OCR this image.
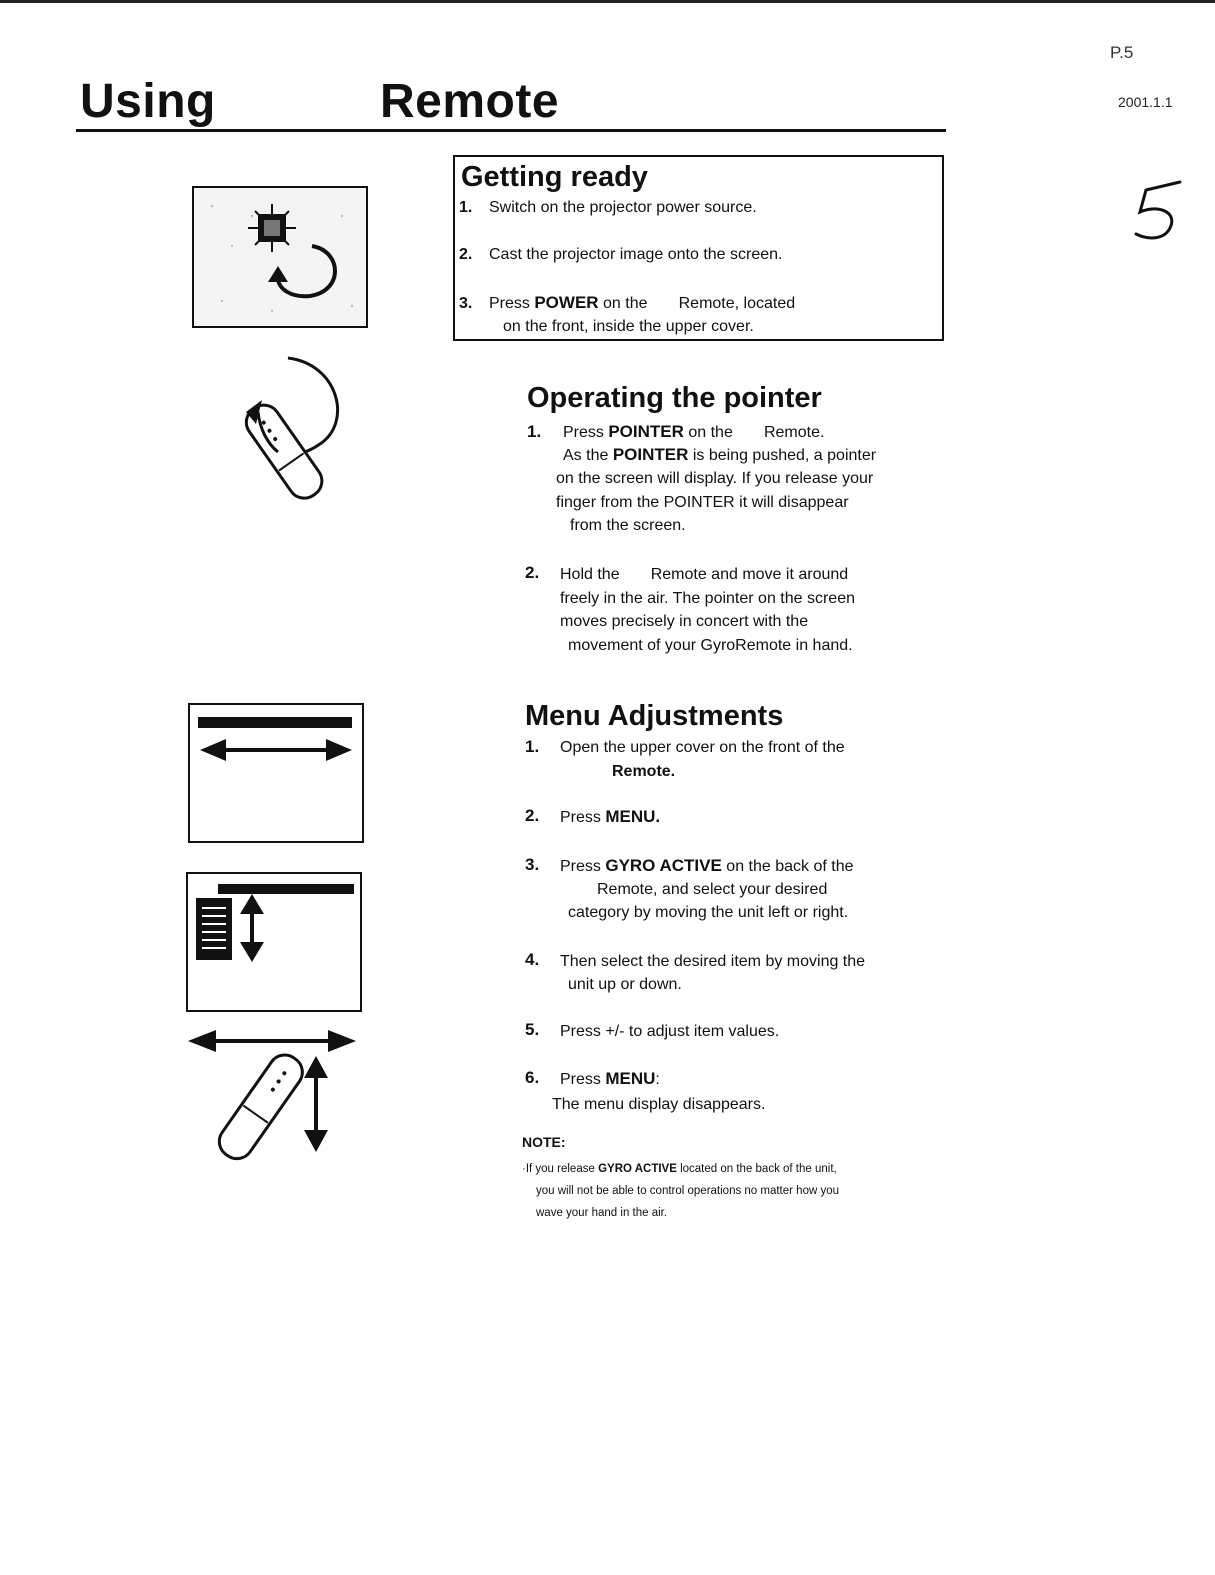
Using	Remote
P.5
2001.1.1
Getting ready
1. Switch on the projector power source.
2. Cast the projector image onto the screen.
3. Press POWER on the       Remote, located
on the front, inside the upper cover.
Operating the pointer
1. Press POINTER on the       Remote.
As the POINTER is being pushed, a pointer
on the screen will display. If you release your
finger from the POINTER it will disappear
from the screen.
2. Hold the       Remote and move it around
freely in the air. The pointer on the screen
moves precisely in concert with the
movement of your GyroRemote in hand.
Menu Adjustments
1. Open the upper cover on the front of the
Remote.
2. Press MENU.
3. Press GYRO ACTIVE on the back of the
Remote, and select your desired
category by moving the unit left or right.
4. Then select the desired item by moving the
unit up or down.
5. Press +/- to adjust item values.
6. Press MENU:
The menu display disappears.
NOTE:
·If you release GYRO ACTIVE located on the back of the unit,
you will not be able to control operations no matter how you
wave your hand in the air.
